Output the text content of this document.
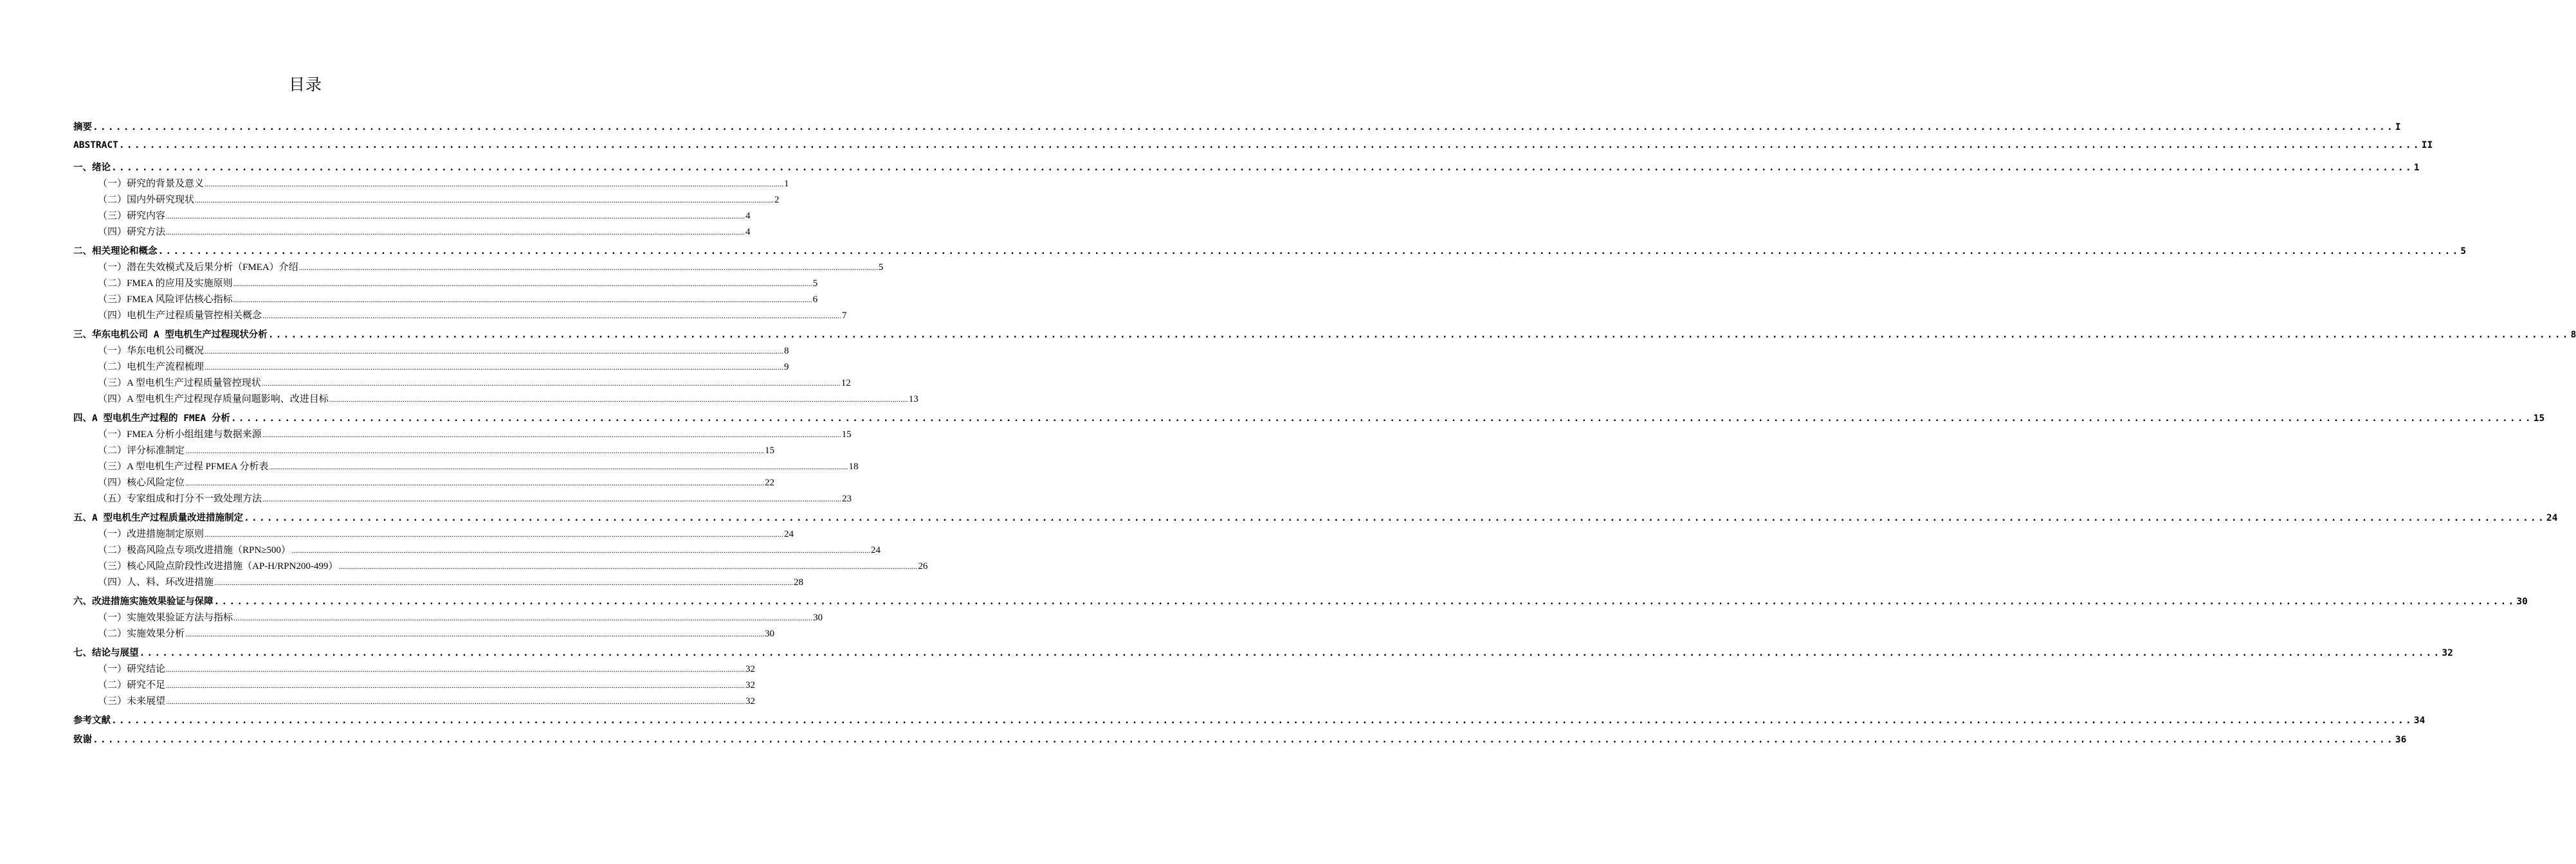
目录
摘要 ............................................................................................................................................................................................................................................................................................................ I
ABSTRACT ............................................................................................................................................................................................................................................................................................................ II
一、绪论 ............................................................................................................................................................................................................................................................................................................ 1
（一）研究的背景及意义 ............................................................................................................................................................................................................................................................................................................ 1
（二）国内外研究现状 ............................................................................................................................................................................................................................................................................................................ 2
（三）研究内容 ............................................................................................................................................................................................................................................................................................................ 4
（四）研究方法 ............................................................................................................................................................................................................................................................................................................ 4
二、相关理论和概念 ............................................................................................................................................................................................................................................................................................................ 5
（一）潜在失效模式及后果分析（FMEA）介绍 ............................................................................................................................................................................................................................................................................................................ 5
（二）FMEA 的应用及实施原则 ............................................................................................................................................................................................................................................................................................................ 5
（三）FMEA 风险评估核心指标 ............................................................................................................................................................................................................................................................................................................ 6
（四）电机生产过程质量管控相关概念 ............................................................................................................................................................................................................................................................................................................ 7
三、华东电机公司 A 型电机生产过程现状分析 ............................................................................................................................................................................................................................................................................................................ 8
（一）华东电机公司概况 ............................................................................................................................................................................................................................................................................................................ 8
（二）电机生产流程梳理 ............................................................................................................................................................................................................................................................................................................ 9
（三）A 型电机生产过程质量管控现状 ............................................................................................................................................................................................................................................................................................................ 12
（四）A 型电机生产过程现存质量问题影响、改进目标 ............................................................................................................................................................................................................................................................................................................ 13
四、A 型电机生产过程的 FMEA 分析 ............................................................................................................................................................................................................................................................................................................ 15
（一）FMEA 分析小组组建与数据来源 ............................................................................................................................................................................................................................................................................................................ 15
（二）评分标准制定 ............................................................................................................................................................................................................................................................................................................ 15
（三）A 型电机生产过程 PFMEA 分析表 ............................................................................................................................................................................................................................................................................................................ 18
（四）核心风险定位 ............................................................................................................................................................................................................................................................................................................ 22
（五）专家组成和打分不一致处理方法 ............................................................................................................................................................................................................................................................................................................ 23
五、A 型电机生产过程质量改进措施制定 ............................................................................................................................................................................................................................................................................................................ 24
（一）改进措施制定原则 ............................................................................................................................................................................................................................................................................................................ 24
（二）极高风险点专项改进措施（RPN≥500） ............................................................................................................................................................................................................................................................................................................ 24
（三）核心风险点阶段性改进措施（AP-H/RPN200-499） ............................................................................................................................................................................................................................................................................................................ 26
（四）人、料、环改进措施 ............................................................................................................................................................................................................................................................................................................ 28
六、改进措施实施效果验证与保障 ............................................................................................................................................................................................................................................................................................................ 30
（一）实施效果验证方法与指标 ............................................................................................................................................................................................................................................................................................................ 30
（二）实施效果分析 ............................................................................................................................................................................................................................................................................................................ 30
七、结论与展望 ............................................................................................................................................................................................................................................................................................................ 32
（一）研究结论 ............................................................................................................................................................................................................................................................................................................ 32
（二）研究不足 ............................................................................................................................................................................................................................................................................................................ 32
（三）未来展望 ............................................................................................................................................................................................................................................................................................................ 32
参考文献 ............................................................................................................................................................................................................................................................................................................ 34
致谢 ............................................................................................................................................................................................................................................................................................................ 36
